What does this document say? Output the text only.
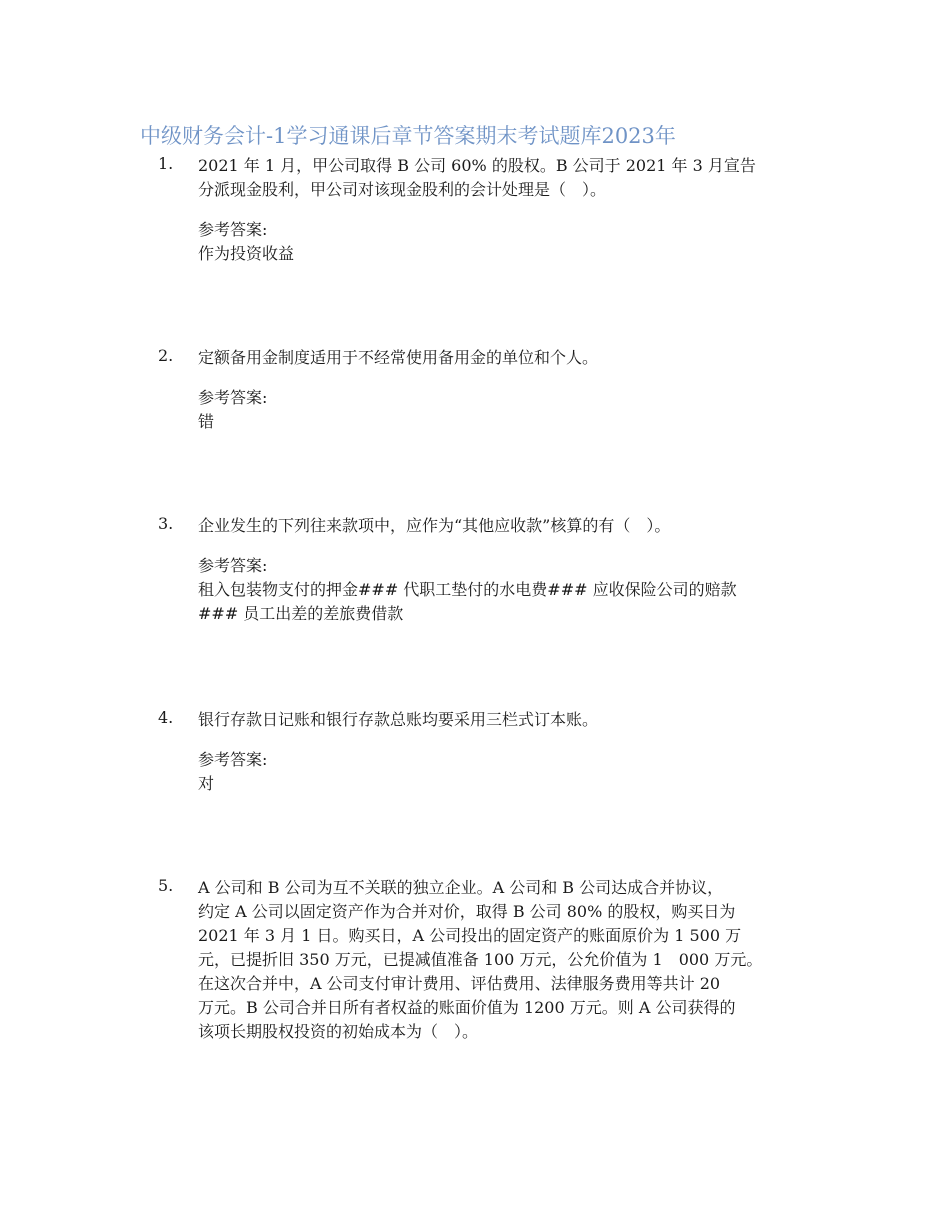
中级财务会计-1学习通课后章节答案期末考试题库2023年
1. 2021 年 1 月，甲公司取得 B 公司 60% 的股权。B 公司于 2021 年 3 月宣告
分派现金股利，甲公司对该现金股利的会计处理是（　）。
参考答案:
作为投资收益
2. 定额备用金制度适用于不经常使用备用金的单位和个人。
参考答案:
错
3. 企业发生的下列往来款项中，应作为“其他应收款”核算的有（　）。
参考答案:
租入包装物支付的押金### 代职工垫付的水电费### 应收保险公司的赔款
### 员工出差的差旅费借款
4. 银行存款日记账和银行存款总账均要采用三栏式订本账。
参考答案:
对
5. A 公司和 B 公司为互不关联的独立企业。A 公司和 B 公司达成合并协议，
约定 A 公司以固定资产作为合并对价，取得 B 公司 80% 的股权，购买日为
2021 年 3 月 1 日。购买日，A 公司投出的固定资产的账面原价为 1 500 万
元，已提折旧 350 万元，已提减值准备 100 万元，公允价值为 1　000 万元。
在这次合并中，A 公司支付审计费用、评估费用、法律服务费用等共计 20
万元。B 公司合并日所有者权益的账面价值为 1200 万元。则 A 公司获得的
该项长期股权投资的初始成本为（　）。
